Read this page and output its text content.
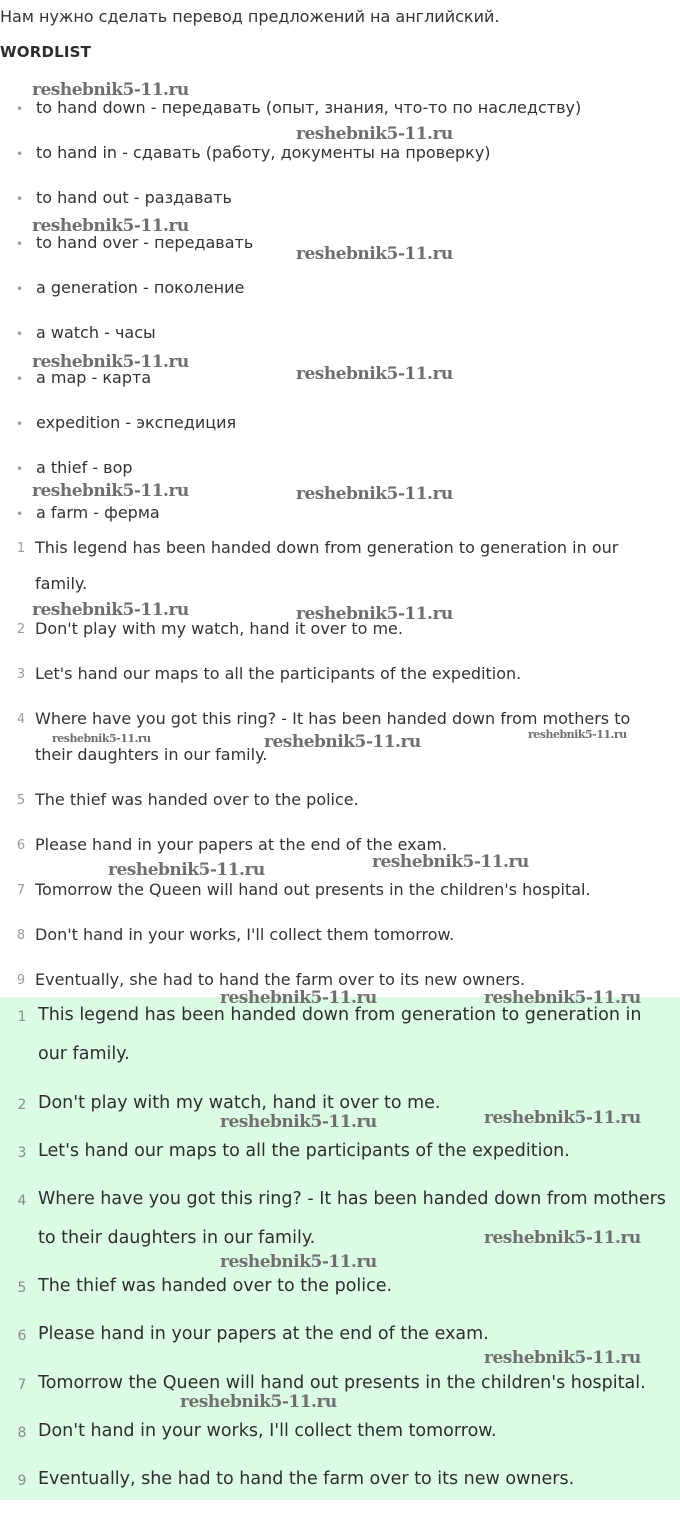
Нам нужно сделать перевод предложений на английский.
WORDLIST
• to hand down - передавать (опыт, знания, что-то по наследству)
• to hand in - сдавать (работу, документы на проверку)
• to hand out - раздавать
• to hand over - передавать
• a generation - поколение
• a watch - часы
• a map - карта
• expedition - экспедиция
• a thief - вор
• a farm - ферма
1 This legend has been handed down from generation to generation in our
family.
2 Don't play with my watch, hand it over to me.
3 Let's hand our maps to all the participants of the expedition.
4 Where have you got this ring? - It has been handed down from mothers to
their daughters in our family.
5 The thief was handed over to the police.
6 Please hand in your papers at the end of the exam.
7 Tomorrow the Queen will hand out presents in the children's hospital.
8 Don't hand in your works, I'll collect them tomorrow.
9 Eventually, she had to hand the farm over to its new owners.
1 This legend has been handed down from generation to generation in
our family.
2 Don't play with my watch, hand it over to me.
3 Let's hand our maps to all the participants of the expedition.
4 Where have you got this ring? - It has been handed down from mothers
to their daughters in our family.
5 The thief was handed over to the police.
6 Please hand in your papers at the end of the exam.
7 Tomorrow the Queen will hand out presents in the children's hospital.
8 Don't hand in your works, I'll collect them tomorrow.
9 Eventually, she had to hand the farm over to its new owners.
reshebnik5-11.ru
reshebnik5-11.ru
reshebnik5-11.ru
reshebnik5-11.ru
reshebnik5-11.ru
reshebnik5-11.ru
reshebnik5-11.ru	reshebnik5-11.ru
reshebnik5-11.ru	reshebnik5-11.ru
reshebnik5-11.ru	reshebnik5-11.ru	reshebnik5-11.ru
reshebnik5-11.ru	reshebnik5-11.ru
reshebnik5-11.ru	reshebnik5-11.ru
reshebnik5-11.ru	reshebnik5-11.ru
reshebnik5-11.ru
reshebnik5-11.ru
reshebnik5-11.ru
reshebnik5-11.ru
